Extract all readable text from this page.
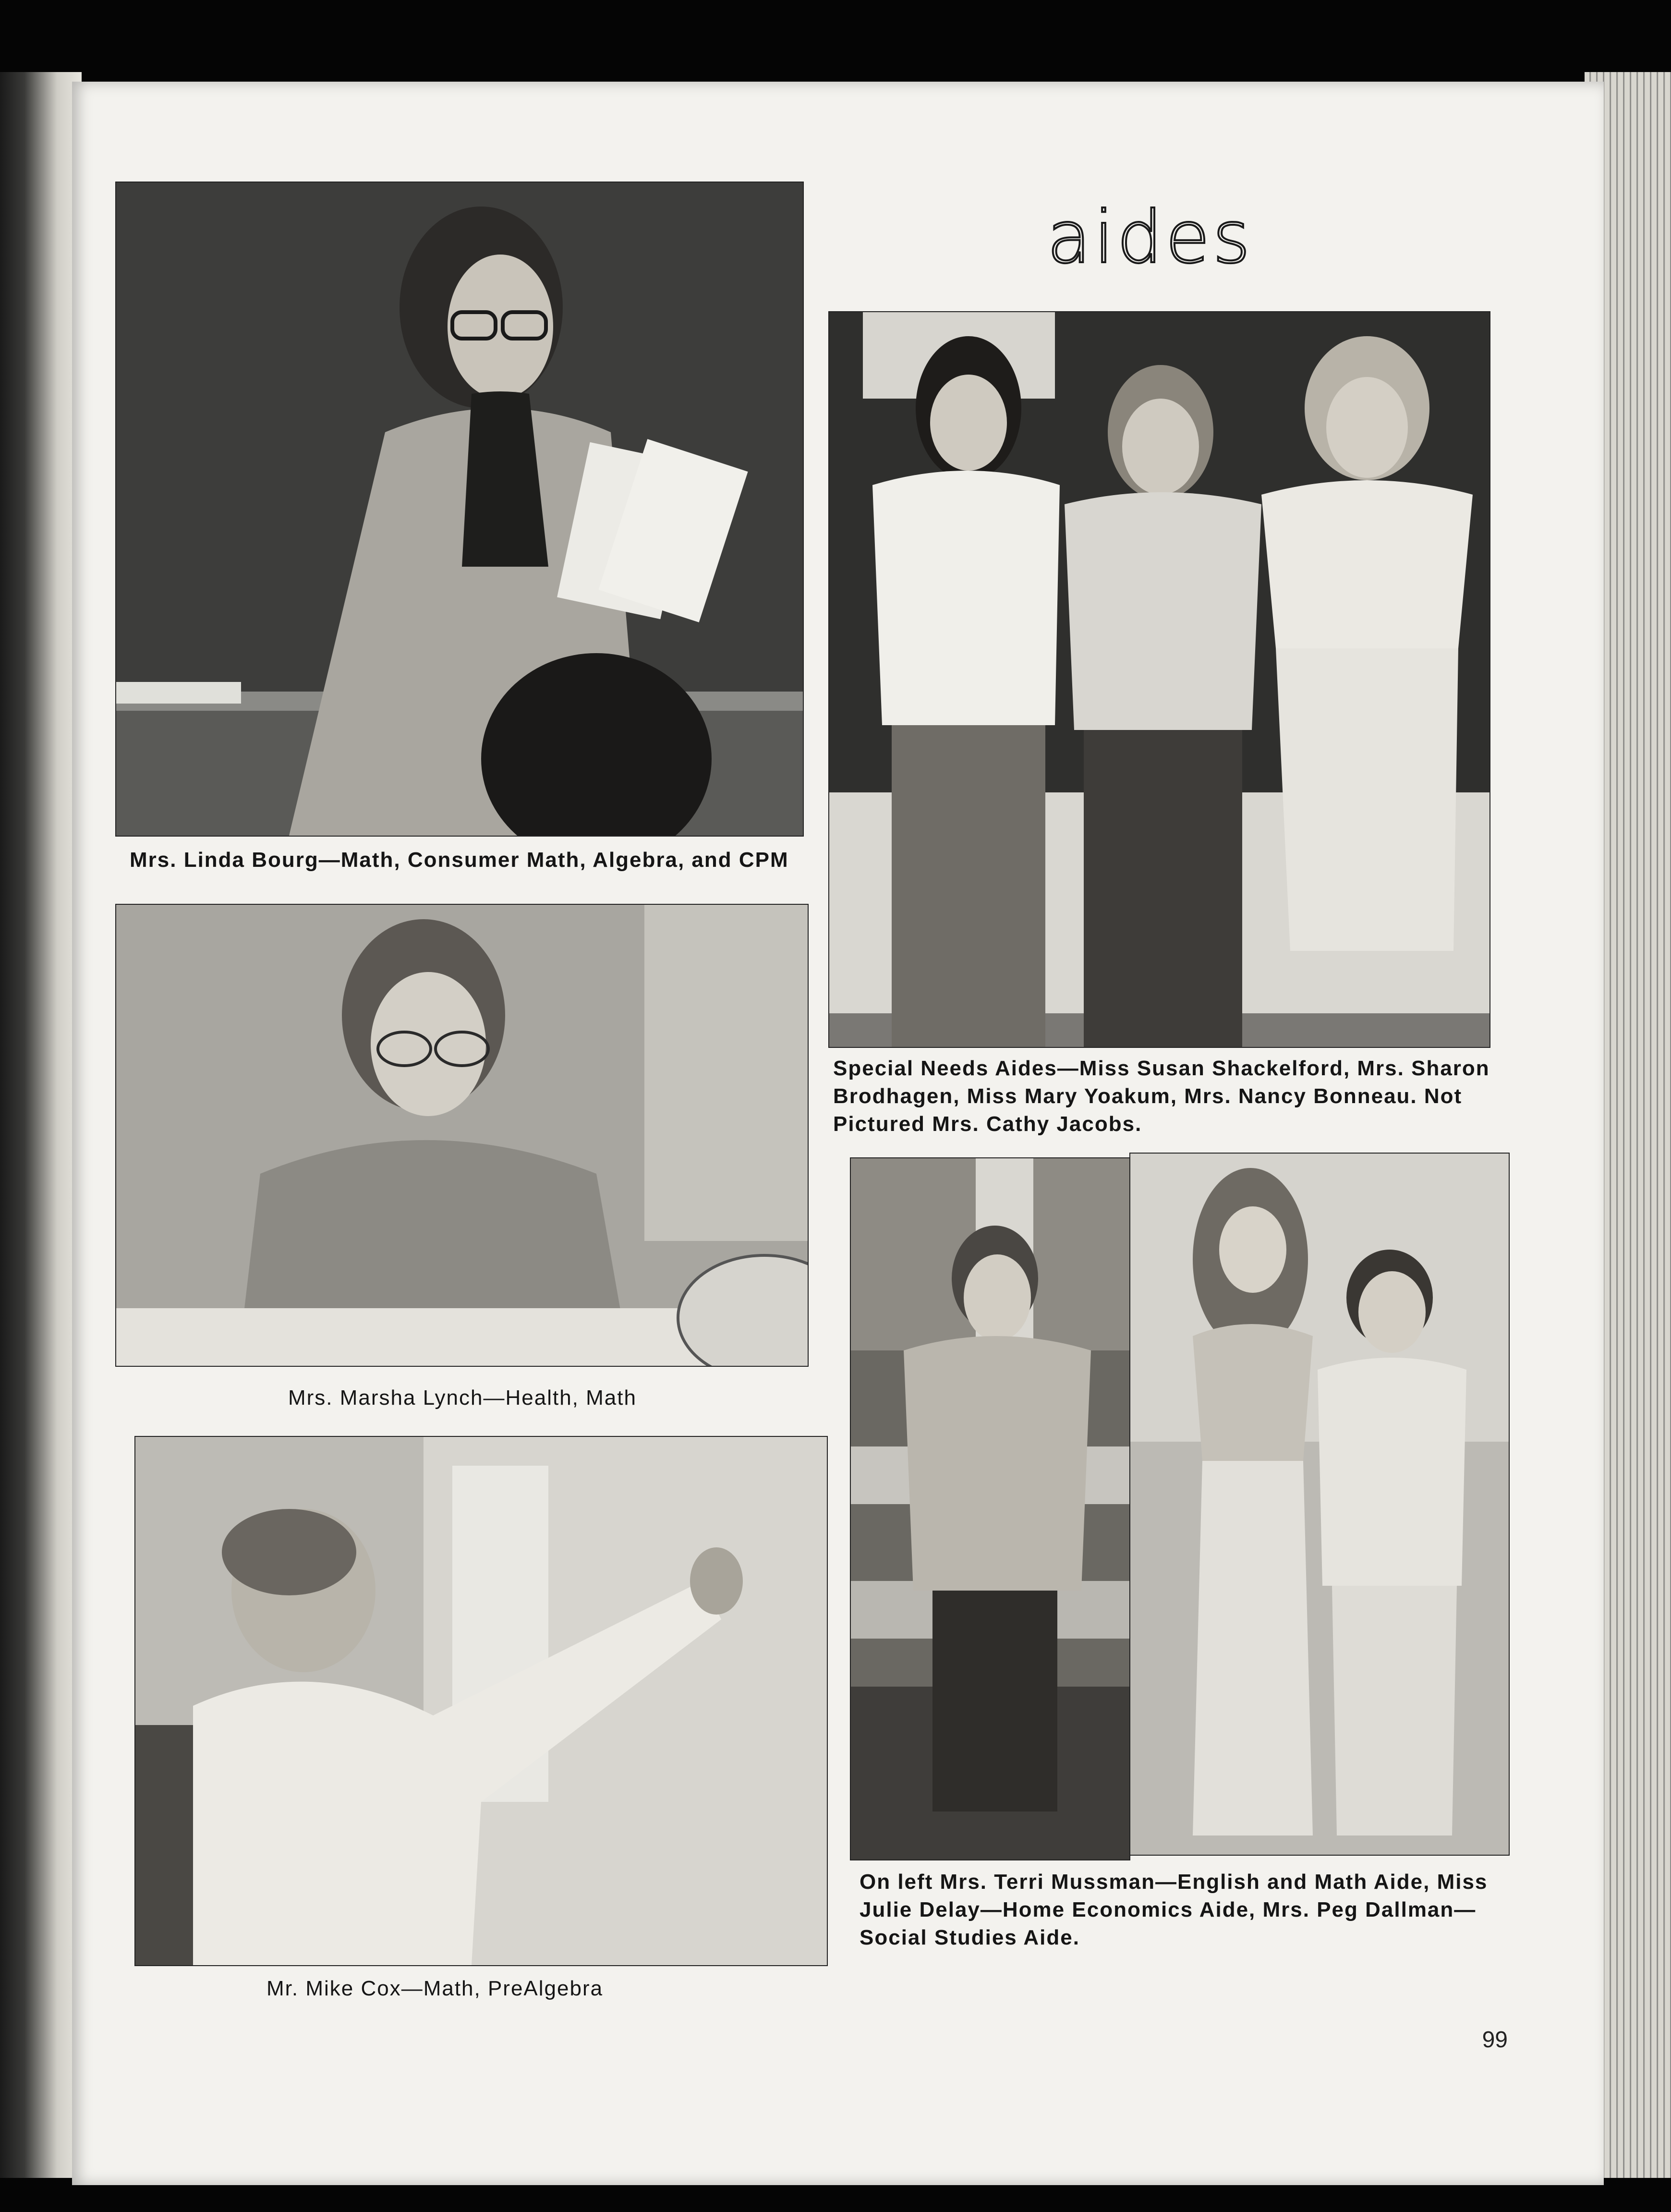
Mrs. Linda Bourg—Math, Consumer Math, Algebra, and CPM
Mrs. Marsha Lynch—Health, Math
Mr. Mike Cox—Math, PreAlgebra
aides
Special Needs Aides—Miss Susan Shackelford, Mrs. Sharon Brodhagen, Miss Mary Yoakum, Mrs. Nancy Bonneau. Not Pictured Mrs. Cathy Jacobs.
On left Mrs. Terri Mussman—English and Math Aide, Miss Julie Delay—Home Economics Aide, Mrs. Peg Dallman—Social Studies Aide.
99
